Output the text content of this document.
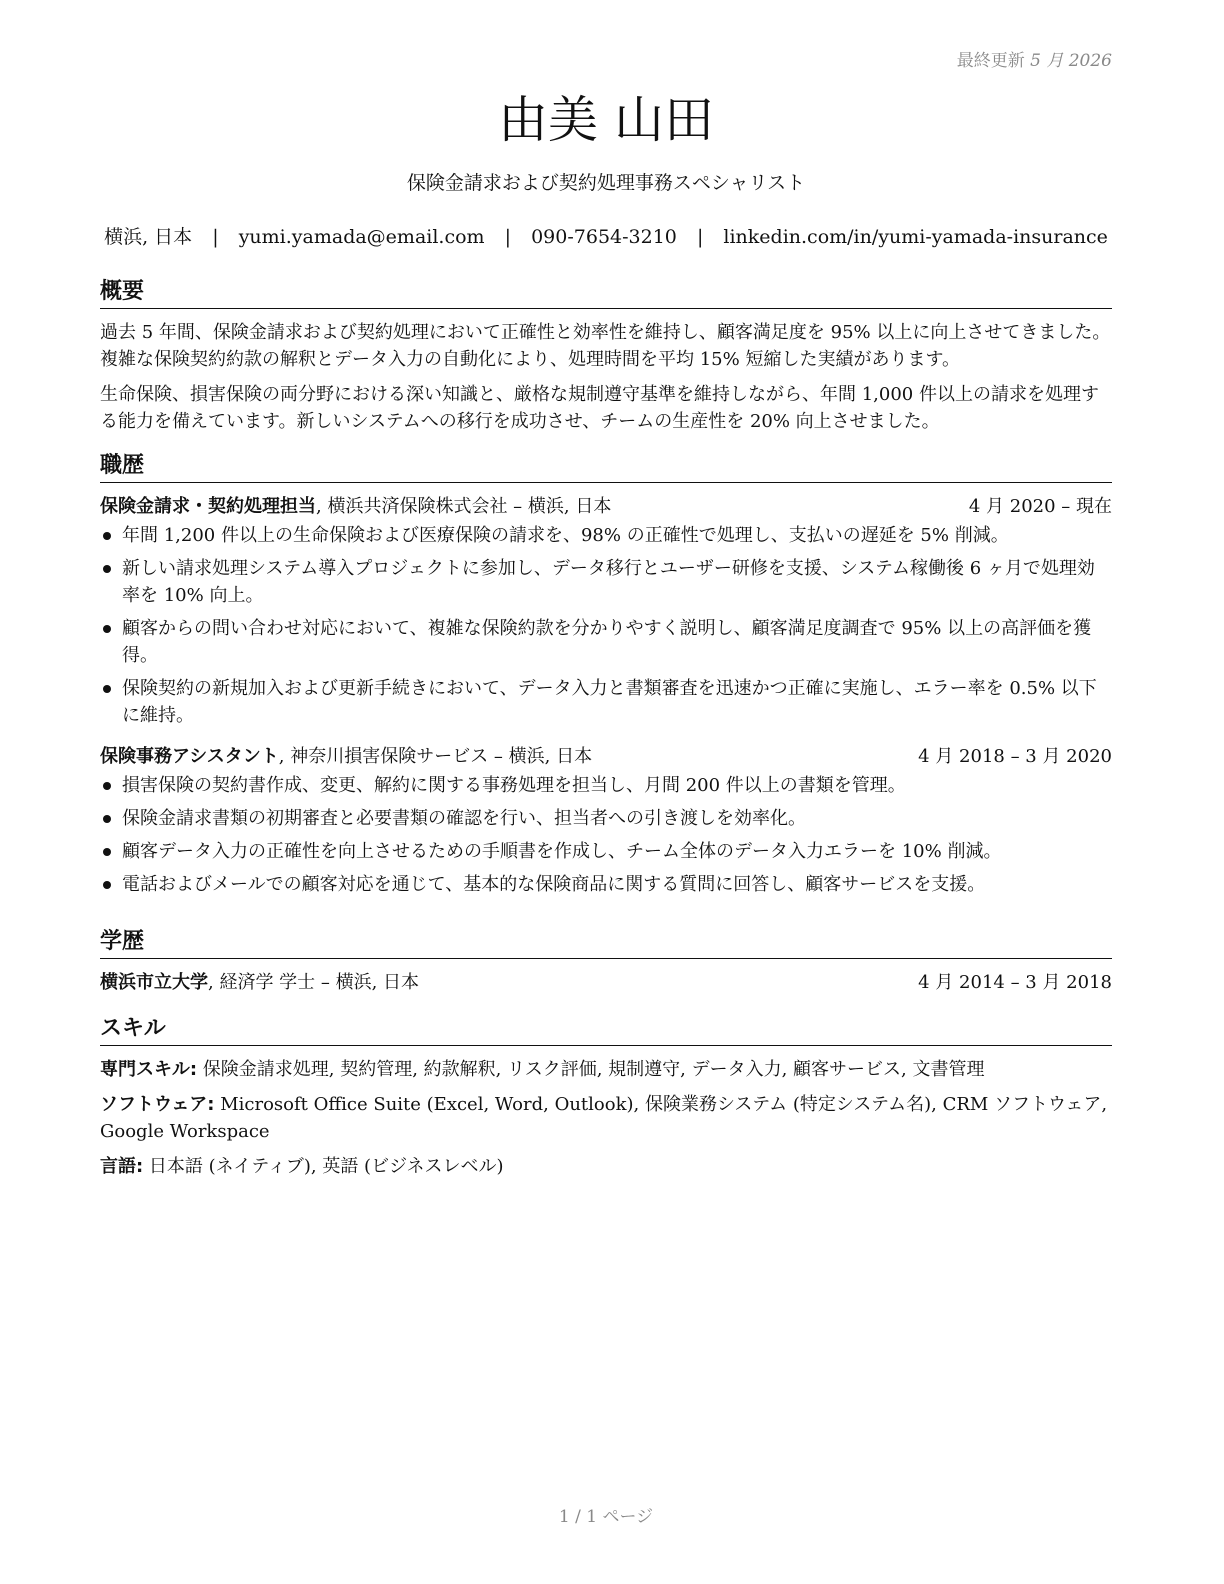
最終更新 5 月 2026
由美 山田
保険金請求および契約処理事務スペシャリスト
横浜, 日本 | yumi.yamada@email.com | 090-7654-3210 | linkedin.com/in/yumi-yamada-insurance
概要

過去 5 年間、保険金請求および契約処理において正確性と効率性を維持し、顧客満足度を 95% 以上に向上させてきました。複雑な保険契約約款の解釈とデータ入力の自動化により、処理時間を平均 15% 短縮した実績があります。

生命保険、損害保険の両分野における深い知識と、厳格な規制遵守基準を維持しながら、年間 1,000 件以上の請求を処理する能力を備えています。新しいシステムへの移行を成功させ、チームの生産性を 20% 向上させました。

職歴
保険金請求・契約処理担当, 横浜共済保険株式会社 – 横浜, 日本	4 月 2020 – 現在
年間 1,200 件以上の生命保険および医療保険の請求を、98% の正確性で処理し、支払いの遅延を 5% 削減。
新しい請求処理システム導入プロジェクトに参加し、データ移行とユーザー研修を支援、システム稼働後 6 ヶ月で処理効率を 10% 向上。
顧客からの問い合わせ対応において、複雑な保険約款を分かりやすく説明し、顧客満足度調査で 95% 以上の高評価を獲得。
保険契約の新規加入および更新手続きにおいて、データ入力と書類審査を迅速かつ正確に実施し、エラー率を 0.5% 以下に維持。
保険事務アシスタント, 神奈川損害保険サービス – 横浜, 日本	4 月 2018 – 3 月 2020
損害保険の契約書作成、変更、解約に関する事務処理を担当し、月間 200 件以上の書類を管理。
保険金請求書類の初期審査と必要書類の確認を行い、担当者への引き渡しを効率化。
顧客データ入力の正確性を向上させるための手順書を作成し、チーム全体のデータ入力エラーを 10% 削減。
電話およびメールでの顧客対応を通じて、基本的な保険商品に関する質問に回答し、顧客サービスを支援。
学歴
横浜市立大学, 経済学 学士 – 横浜, 日本	4 月 2014 – 3 月 2018
スキル

専門スキル: 保険金請求処理, 契約管理, 約款解釈, リスク評価, 規制遵守, データ入力, 顧客サービス, 文書管理

ソフトウェア: Microsoft Office Suite (Excel, Word, Outlook), 保険業務システム (特定システム名), CRM ソフトウェア, Google Workspace

言語: 日本語 (ネイティブ), 英語 (ビジネスレベル)

1 / 1 ページ
